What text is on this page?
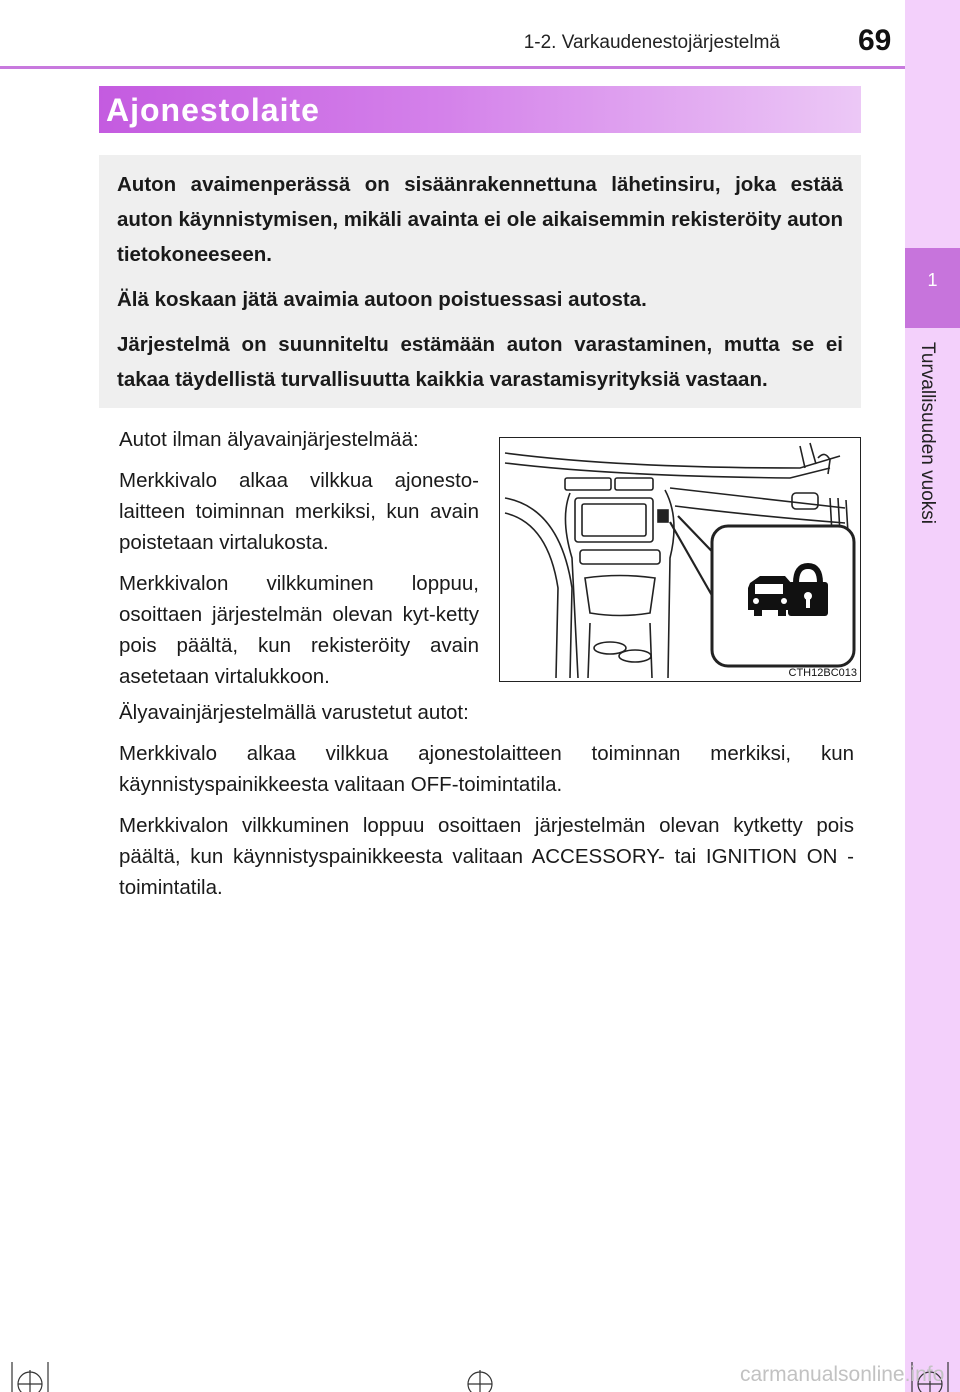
1-2. Varkaudenestojärjestelmä	69
1
Turvallisuuden vuoksi
Ajonestolaite

Auton avaimenperässä on sisäänrakennettuna lähetinsiru, joka estää auton käynnistymisen, mikäli avainta ei ole aikaisemmin rekisteröity auton tietokoneeseen.

Älä koskaan jätä avaimia autoon poistuessasi autosta.

Järjestelmä on suunniteltu estämään auton varastaminen, mutta se ei takaa täydellistä turvallisuutta kaikkia varastamisyrityksiä vastaan.

Autot ilman älyavainjärjestelmää:

Merkkivalo alkaa vilkkua ajonesto-laitteen toiminnan merkiksi, kun avain poistetaan virtalukosta.

Merkkivalon vilkkuminen loppuu, osoittaen järjestelmän olevan kyt-ketty pois päältä, kun rekisteröity avain asetetaan virtalukkoon.	CTH12BC013

Älyavainjärjestelmällä varustetut autot:

Merkkivalo alkaa vilkkua ajonestolaitteen toiminnan merkiksi, kun käynnistyspainikkeesta valitaan OFF-toimintatila.

Merkkivalon vilkkuminen loppuu osoittaen järjestelmän olevan kytketty pois päältä, kun käynnistyspainikkeesta valitaan ACCESSORY- tai IGNITION ON -toimintatila.

carmanualsonline.info
